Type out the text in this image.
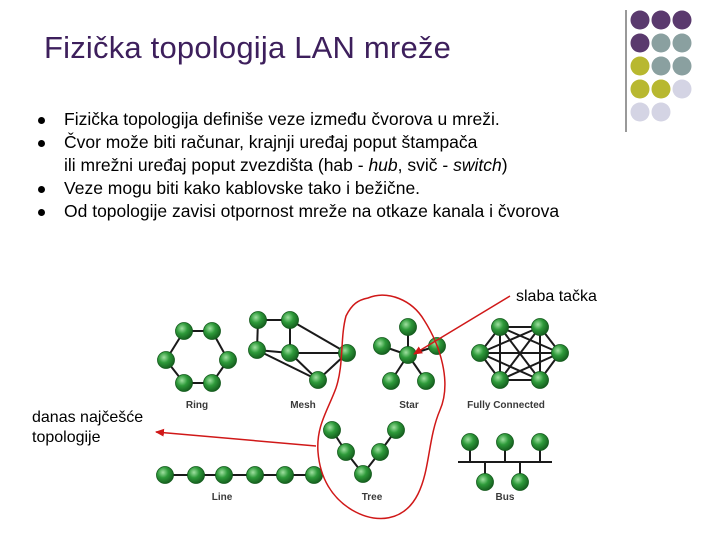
Fizička topologija LAN mreže
Fizička topologija definiše veze između čvorova u mreži.
Čvor može biti računar, krajnji uređaj poput štampača
ili mrežni uređaj poput zvezdišta (hab - hub, svič - switch)
Veze mogu biti kako kablovske tako i bežične.
Od topologije zavisi otpornost mreže na otkaze kanala i čvorova
Ring	Mesh	Star	Fully Connected
Line	Tree	Bus
slaba tačka
danas najčešće
topologije
